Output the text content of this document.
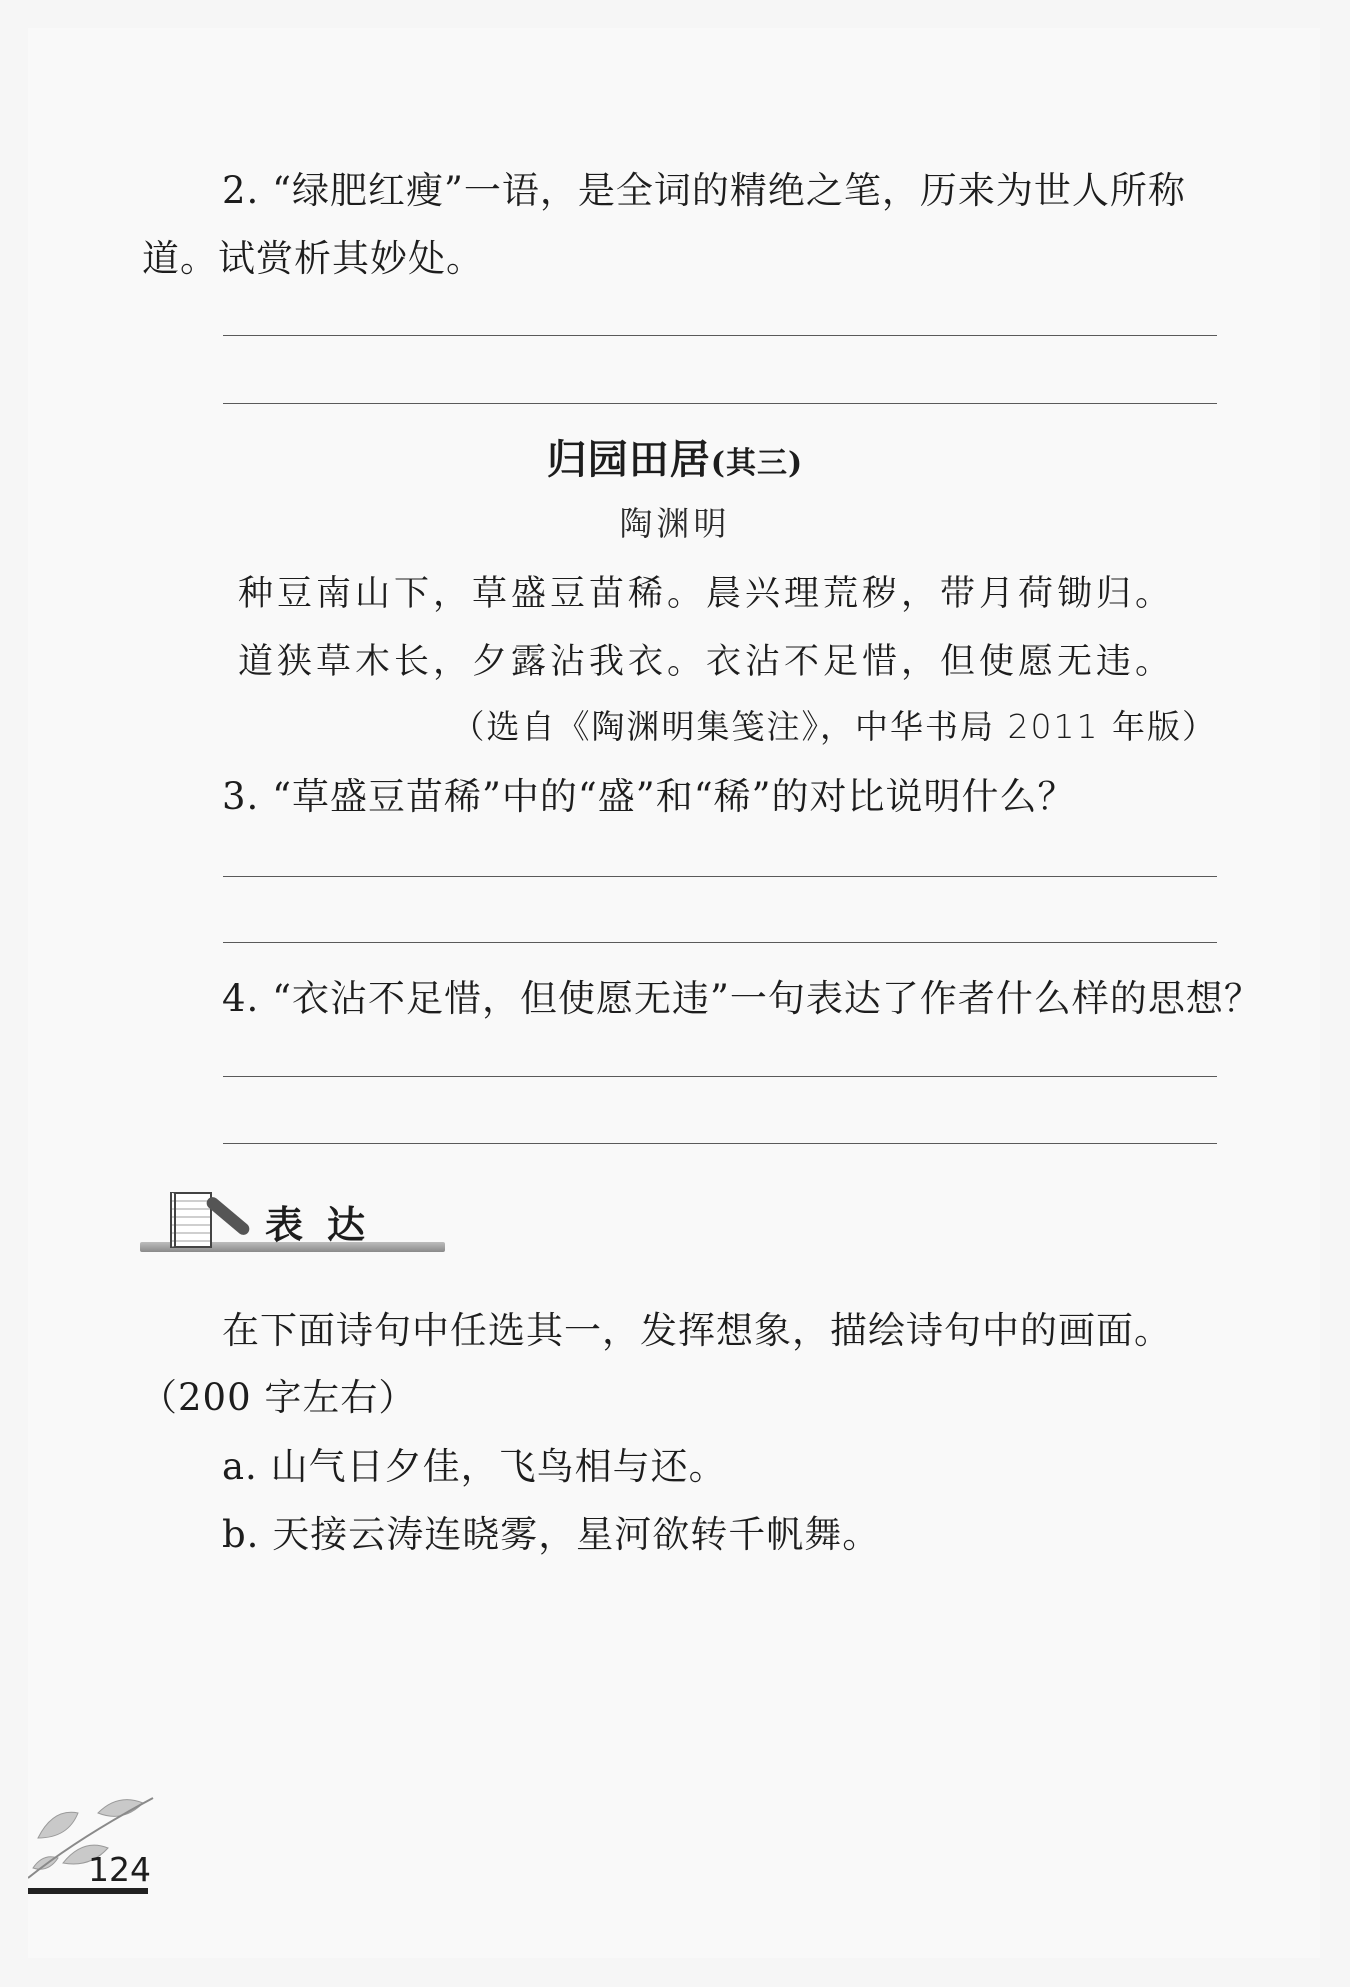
2. “绿肥红瘦”一语，是全词的精绝之笔，历来为世人所称
道。试赏析其妙处。
归园田居(其三)
陶渊明
种豆南山下，草盛豆苗稀。晨兴理荒秽，带月荷锄归。
道狭草木长，夕露沾我衣。衣沾不足惜，但使愿无违。
（选自《陶渊明集笺注》，中华书局 2011 年版）
3. “草盛豆苗稀”中的“盛”和“稀”的对比说明什么？
4. “衣沾不足惜，但使愿无违”一句表达了作者什么样的思想？
表达
在下面诗句中任选其一，发挥想象，描绘诗句中的画面。
（200 字左右）
a. 山气日夕佳，飞鸟相与还。
b. 天接云涛连晓雾，星河欲转千帆舞。
124
